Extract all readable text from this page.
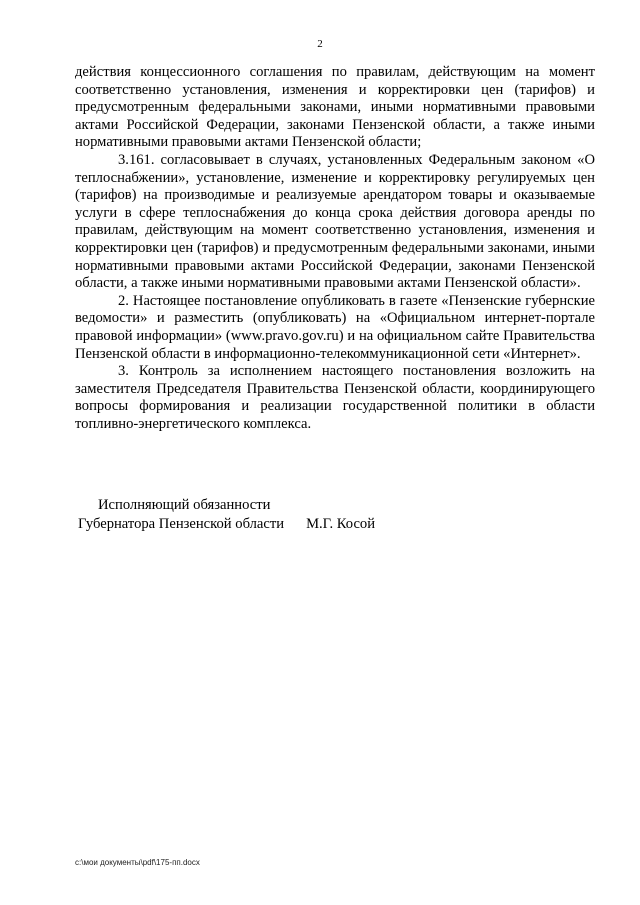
2

действия концессионного соглашения по правилам, действующим на момент соответственно установления, изменения и корректировки цен (тарифов) и предусмотренным федеральными законами, иными нормативными правовыми актами Российской Федерации, законами Пензенской области, а также иными нормативными правовыми актами Пензенской области;

3.161. согласовывает в случаях, установленных Федеральным законом «О теплоснабжении», установление, изменение и корректировку регулируемых цен (тарифов) на производимые и реализуемые арендатором товары и оказываемые услуги в сфере теплоснабжения до конца срока действия договора аренды по правилам, действующим на момент соответственно установления, изменения и корректировки цен (тарифов) и предусмотренным федеральными законами, иными нормативными правовыми актами Российской Федерации, законами Пензенской области, а также иными нормативными правовыми актами Пензенской области».

2. Настоящее постановление опубликовать в газете «Пензенские губернские ведомости» и разместить (опубликовать) на «Официальном интернет-портале правовой информации» (www.pravo.gov.ru) и на официальном сайте Правительства Пензенской области в информационно-телекоммуникационной сети «Интернет».

3. Контроль за исполнением настоящего постановления возложить на заместителя Председателя Правительства Пензенской области, координирующего вопросы формирования и реализации государственной политики в области топливно-энергетического комплекса.

Исполняющий обязанности
Губернатора Пензенской области М.Г. Косой
c:\мои документы\pdf\175-пп.docx
